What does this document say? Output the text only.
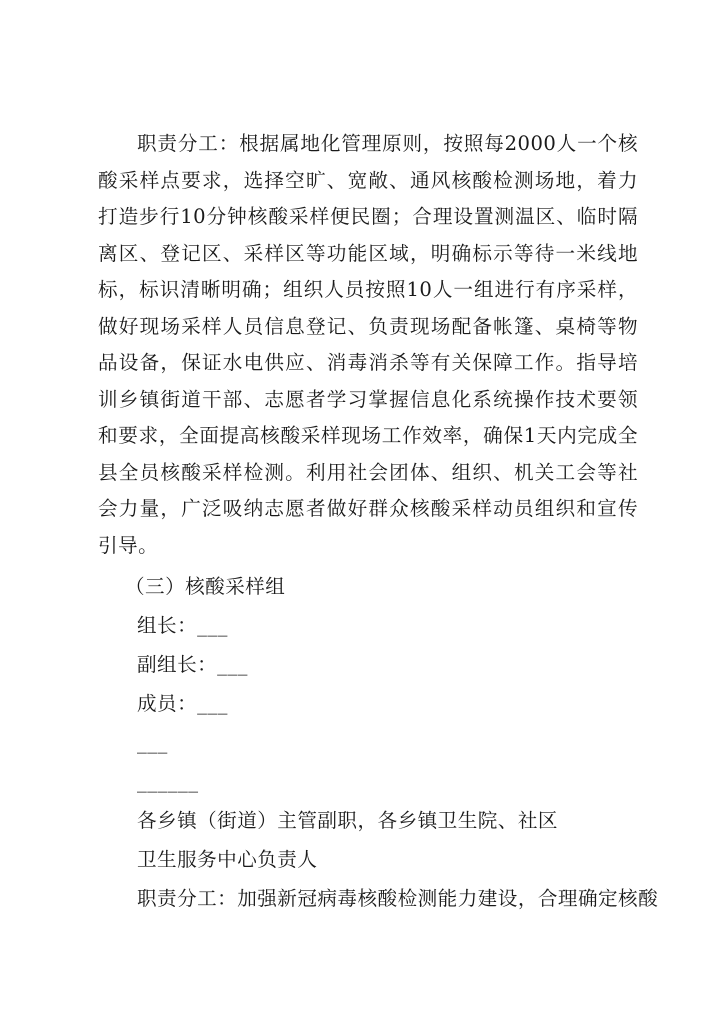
职责分工：根据属地化管理原则，按照每2000人一个核酸采样点要求，选择空旷、宽敞、通风核酸检测场地，着力打造步行10分钟核酸采样便民圈；合理设置测温区、临时隔离区、登记区、采样区等功能区域，明确标示等待一米线地标，标识清晰明确；组织人员按照10人一组进行有序采样，做好现场采样人员信息登记、负责现场配备帐篷、桌椅等物品设备，保证水电供应、消毒消杀等有关保障工作。指导培训乡镇街道干部、志愿者学习掌握信息化系统操作技术要领和要求，全面提高核酸采样现场工作效率，确保1天内完成全县全员核酸采样检测。利用社会团体、组织、机关工会等社会力量，广泛吸纳志愿者做好群众核酸采样动员组织和宣传引导。

（三）核酸采样组
组长：___
副组长：___
成员：___
___
______
各乡镇（街道）主管副职，各乡镇卫生院、社区
卫生服务中心负责人
职责分工：加强新冠病毒核酸检测能力建设，合理确定核酸
